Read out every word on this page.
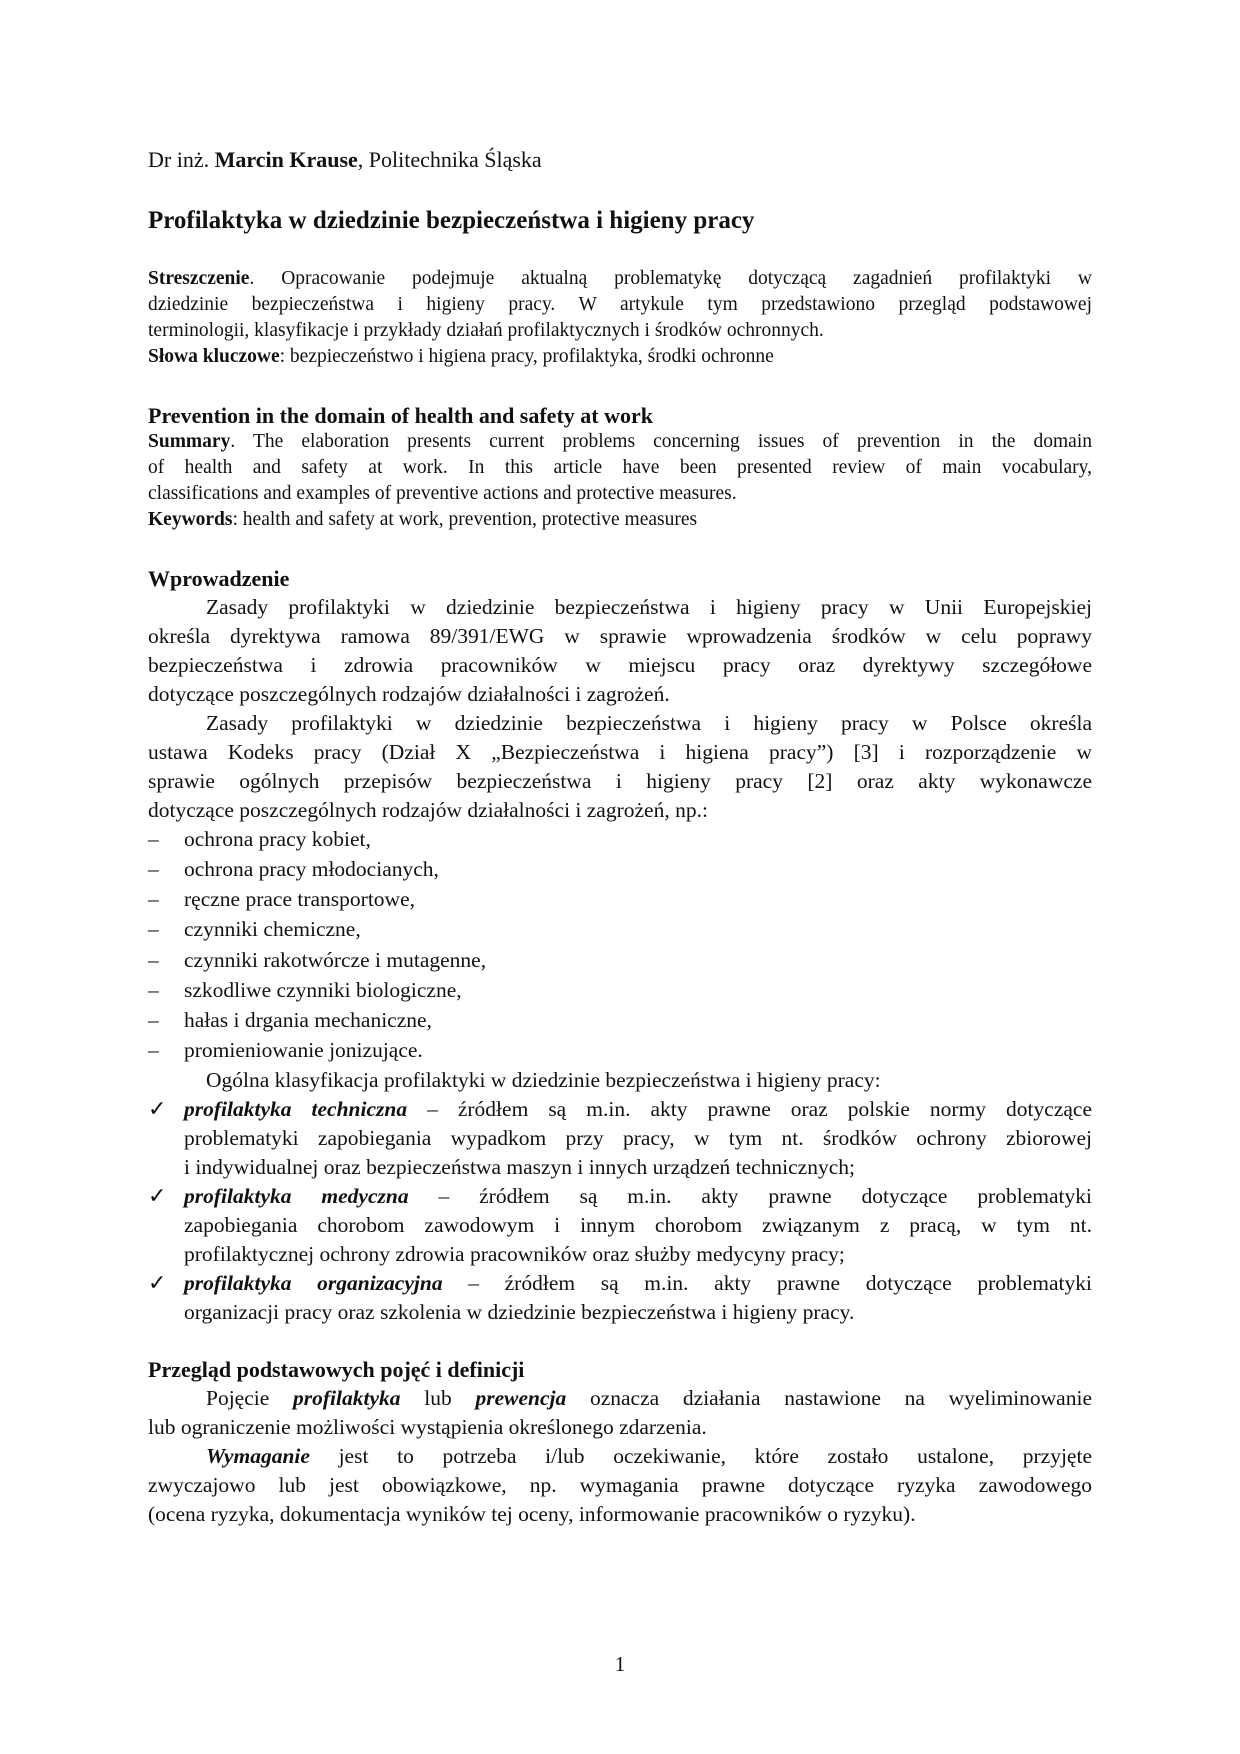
Dr inż. Marcin Krause, Politechnika Śląska
Profilaktyka w dziedzinie bezpieczeństwa i higieny pracy
Streszczenie. Opracowanie podejmuje aktualną problematykę dotyczącą zagadnień profilaktyki w
dziedzinie bezpieczeństwa i higieny pracy. W artykule tym przedstawiono przegląd podstawowej
terminologii, klasyfikacje i przykłady działań profilaktycznych i środków ochronnych.
Słowa kluczowe: bezpieczeństwo i higiena pracy, profilaktyka, środki ochronne
Prevention in the domain of health and safety at work
Summary. The elaboration presents current problems concerning issues of prevention in the domain
of health and safety at work. In this article have been presented review of main vocabulary,
classifications and examples of preventive actions and protective measures.
Keywords: health and safety at work, prevention, protective measures
Wprowadzenie
Zasady profilaktyki w dziedzinie bezpieczeństwa i higieny pracy w Unii Europejskiej
określa dyrektywa ramowa 89/391/EWG w sprawie wprowadzenia środków w celu poprawy
bezpieczeństwa i zdrowia pracowników w miejscu pracy oraz dyrektywy szczegółowe
dotyczące poszczególnych rodzajów działalności i zagrożeń.
Zasady profilaktyki w dziedzinie bezpieczeństwa i higieny pracy w Polsce określa
ustawa Kodeks pracy (Dział X „Bezpieczeństwa i higiena pracy”) [3] i rozporządzenie w
sprawie ogólnych przepisów bezpieczeństwa i higieny pracy [2] oraz akty wykonawcze
dotyczące poszczególnych rodzajów działalności i zagrożeń, np.:
–	ochrona pracy kobiet,
–	ochrona pracy młodocianych,
–	ręczne prace transportowe,
–	czynniki chemiczne,
–	czynniki rakotwórcze i mutagenne,
–	szkodliwe czynniki biologiczne,
–	hałas i drgania mechaniczne,
–	promieniowanie jonizujące.
Ogólna klasyfikacja profilaktyki w dziedzinie bezpieczeństwa i higieny pracy:
✓ profilaktyka techniczna – źródłem są m.in. akty prawne oraz polskie normy dotyczące
problematyki zapobiegania wypadkom przy pracy, w tym nt. środków ochrony zbiorowej
i indywidualnej oraz bezpieczeństwa maszyn i innych urządzeń technicznych;
✓ profilaktyka medyczna – źródłem są m.in. akty prawne dotyczące problematyki
zapobiegania chorobom zawodowym i innym chorobom związanym z pracą, w tym nt.
profilaktycznej ochrony zdrowia pracowników oraz służby medycyny pracy;
✓ profilaktyka organizacyjna – źródłem są m.in. akty prawne dotyczące problematyki
organizacji pracy oraz szkolenia w dziedzinie bezpieczeństwa i higieny pracy.
Przegląd podstawowych pojęć i definicji
Pojęcie profilaktyka lub prewencja oznacza działania nastawione na wyeliminowanie
lub ograniczenie możliwości wystąpienia określonego zdarzenia.
Wymaganie jest to potrzeba i/lub oczekiwanie, które zostało ustalone, przyjęte
zwyczajowo lub jest obowiązkowe, np. wymagania prawne dotyczące ryzyka zawodowego
(ocena ryzyka, dokumentacja wyników tej oceny, informowanie pracowników o ryzyku).
1
